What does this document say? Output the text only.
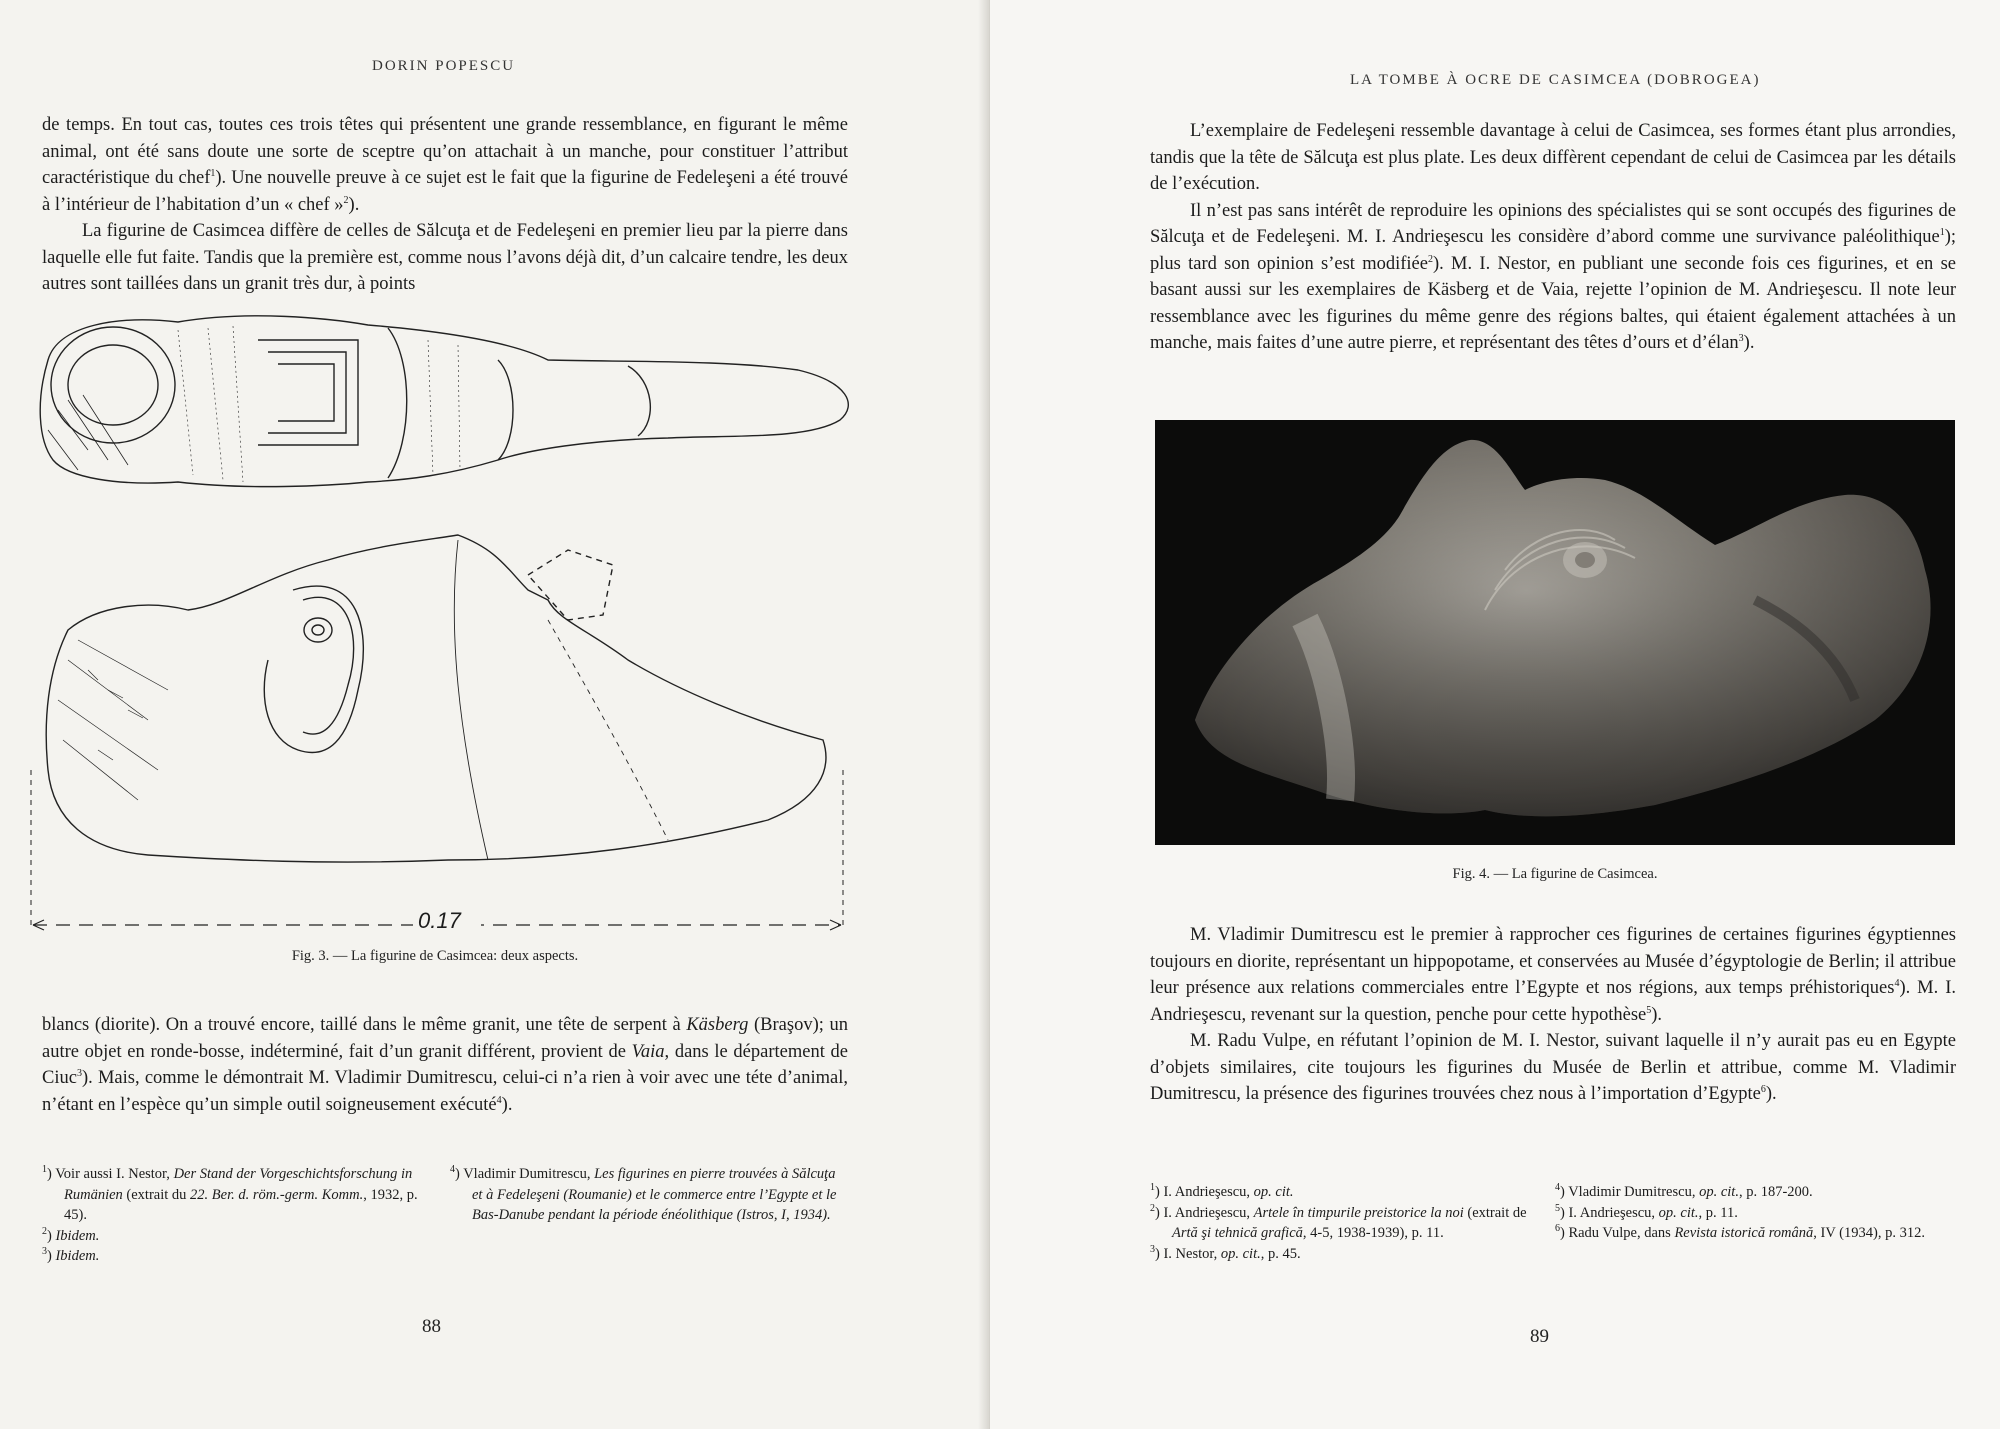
DORIN POPESCU

de temps. En tout cas, toutes ces trois têtes qui présentent une grande ressemblance, en figurant le même animal, ont été sans doute une sorte de sceptre qu’on attachait à un manche, pour constituer l’attribut caractéristique du chef$^1$). Une nouvelle preuve à ce sujet est le fait que la figurine de Fedeleşeni a été trouvé à l’intérieur de l’habitation d’un « chef »$^2$).

La figurine de Casimcea diffère de celles de Sălcuţa et de Fedeleşeni en premier lieu par la pierre dans laquelle elle fut faite. Tandis que la première est, comme nous l’avons déjà dit, d’un calcaire tendre, les deux autres sont taillées dans un granit très dur, à points

0.17
Fig. 3. — La figurine de Casimcea: deux aspects.

blancs (diorite). On a trouvé encore, taillé dans le même granit, une tête de serpent à Käsberg (Braşov); un autre objet en ronde-bosse, indéterminé, fait d’un granit différent, provient de Vaia, dans le département de Ciuc$^3$). Mais, comme le démontrait M. Vladimir Dumitrescu, celui-ci n’a rien à voir avec une téte d’animal, n’étant en l’espèce qu’un simple outil soigneusement exécuté$^4$).

$^1$) Voir aussi I. Nestor, Der Stand der Vorgeschichtsforschung in Rumänien (extrait du 22. Ber. d. röm.-germ. Komm., 1932, p. 45).

$^2$) Ibidem.

$^3$) Ibidem.

$^4$) Vladimir Dumitrescu, Les figurines en pierre trouvées à Sălcuţa et à Fedeleşeni (Roumanie) et le commerce entre l’Egypte et le Bas-Danube pendant la période énéolithique (Istros, I, 1934).

88
LA TOMBE À OCRE DE CASIMCEA (DOBROGEA)

L’exemplaire de Fedeleşeni ressemble davantage à celui de Casimcea, ses formes étant plus arrondies, tandis que la tête de Sălcuţa est plus plate. Les deux diffèrent cependant de celui de Casimcea par les détails de l’exécution.

Il n’est pas sans intérêt de reproduire les opinions des spécialistes qui se sont occupés des figurines de Sălcuţa et de Fedeleşeni. M. I. Andrieşescu les considère d’abord comme une survivance paléolithique$^1$); plus tard son opinion s’est modifiée$^2$). M. I. Nestor, en publiant une seconde fois ces figurines, et en se basant aussi sur les exemplaires de Käsberg et de Vaia, rejette l’opinion de M. Andrieşescu. Il note leur ressemblance avec les figurines du même genre des régions baltes, qui étaient également attachées à un manche, mais faites d’une autre pierre, et représentant des têtes d’ours et d’élan$^3$).

Fig. 4. — La figurine de Casimcea.

M. Vladimir Dumitrescu est le premier à rapprocher ces figurines de certaines figurines égyptiennes toujours en diorite, représentant un hippopotame, et conservées au Musée d’égyptologie de Berlin; il attribue leur présence aux relations commerciales entre l’Egypte et nos régions, aux temps préhistoriques$^4$). M. I. Andrieşescu, revenant sur la question, penche pour cette hypothèse$^5$).

M. Radu Vulpe, en réfutant l’opinion de M. I. Nestor, suivant laquelle il n’y aurait pas eu en Egypte d’objets similaires, cite toujours les figurines du Musée de Berlin et attribue, comme M. Vladimir Dumitrescu, la présence des figurines trouvées chez nous à l’importation d’Egypte$^6$).

$^1$) I. Andrieşescu, op. cit.

$^2$) I. Andrieşescu, Artele în timpurile preistorice la noi (extrait de Artă şi tehnică grafică, 4-5, 1938-1939), p. 11.

$^3$) I. Nestor, op. cit., p. 45.

$^4$) Vladimir Dumitrescu, op. cit., p. 187-200.

$^5$) I. Andrieşescu, op. cit., p. 11.

$^6$) Radu Vulpe, dans Revista istorică română, IV (1934), p. 312.

89
